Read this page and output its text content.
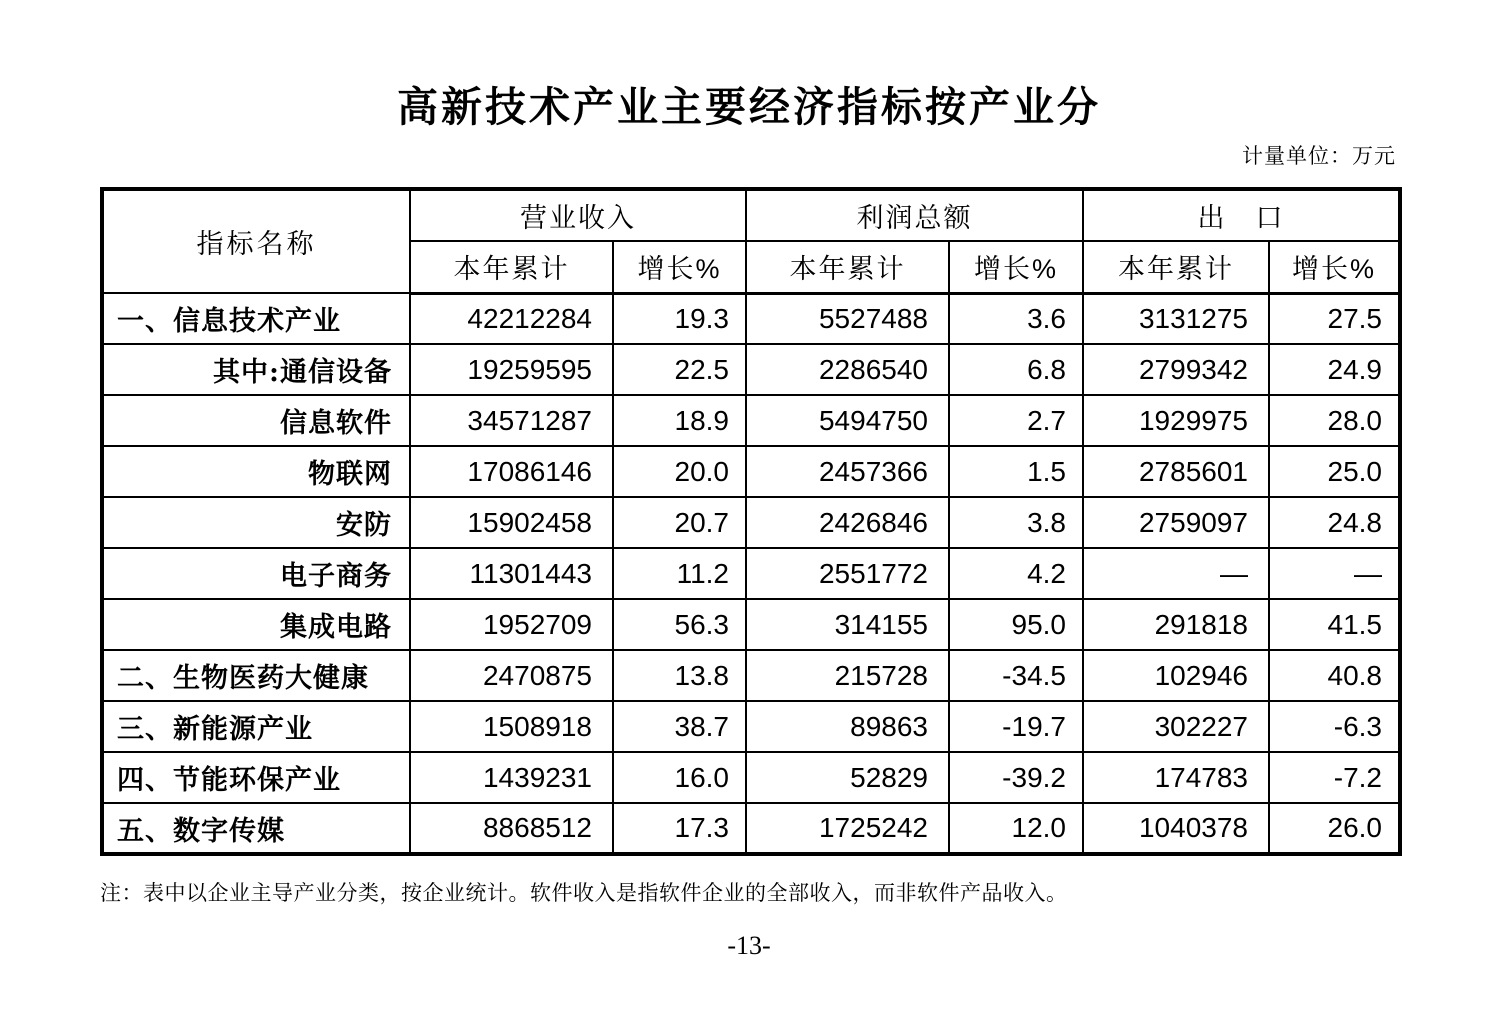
高新技术产业主要经济指标按产业分
计量单位：万元
指标名称	营业收入		利润总额		出　口	
	本年累计	增长%	本年累计	增长%	本年累计	增长%
一、信息技术产业	42212284	19.3	5527488	3.6	3131275	27.5
其中:通信设备	19259595	22.5	2286540	6.8	2799342	24.9
信息软件	34571287	18.9	5494750	2.7	1929975	28.0
物联网	17086146	20.0	2457366	1.5	2785601	25.0
安防	15902458	20.7	2426846	3.8	2759097	24.8
电子商务	11301443	11.2	2551772	4.2	—	—
集成电路	1952709	56.3	314155	95.0	291818	41.5
二、生物医药大健康	2470875	13.8	215728	-34.5	102946	40.8
三、新能源产业	1508918	38.7	89863	-19.7	302227	-6.3
四、节能环保产业	1439231	16.0	52829	-39.2	174783	-7.2
五、数字传媒	8868512	17.3	1725242	12.0	1040378	26.0
注：表中以企业主导产业分类，按企业统计。软件收入是指软件企业的全部收入，而非软件产品收入。
-13-
